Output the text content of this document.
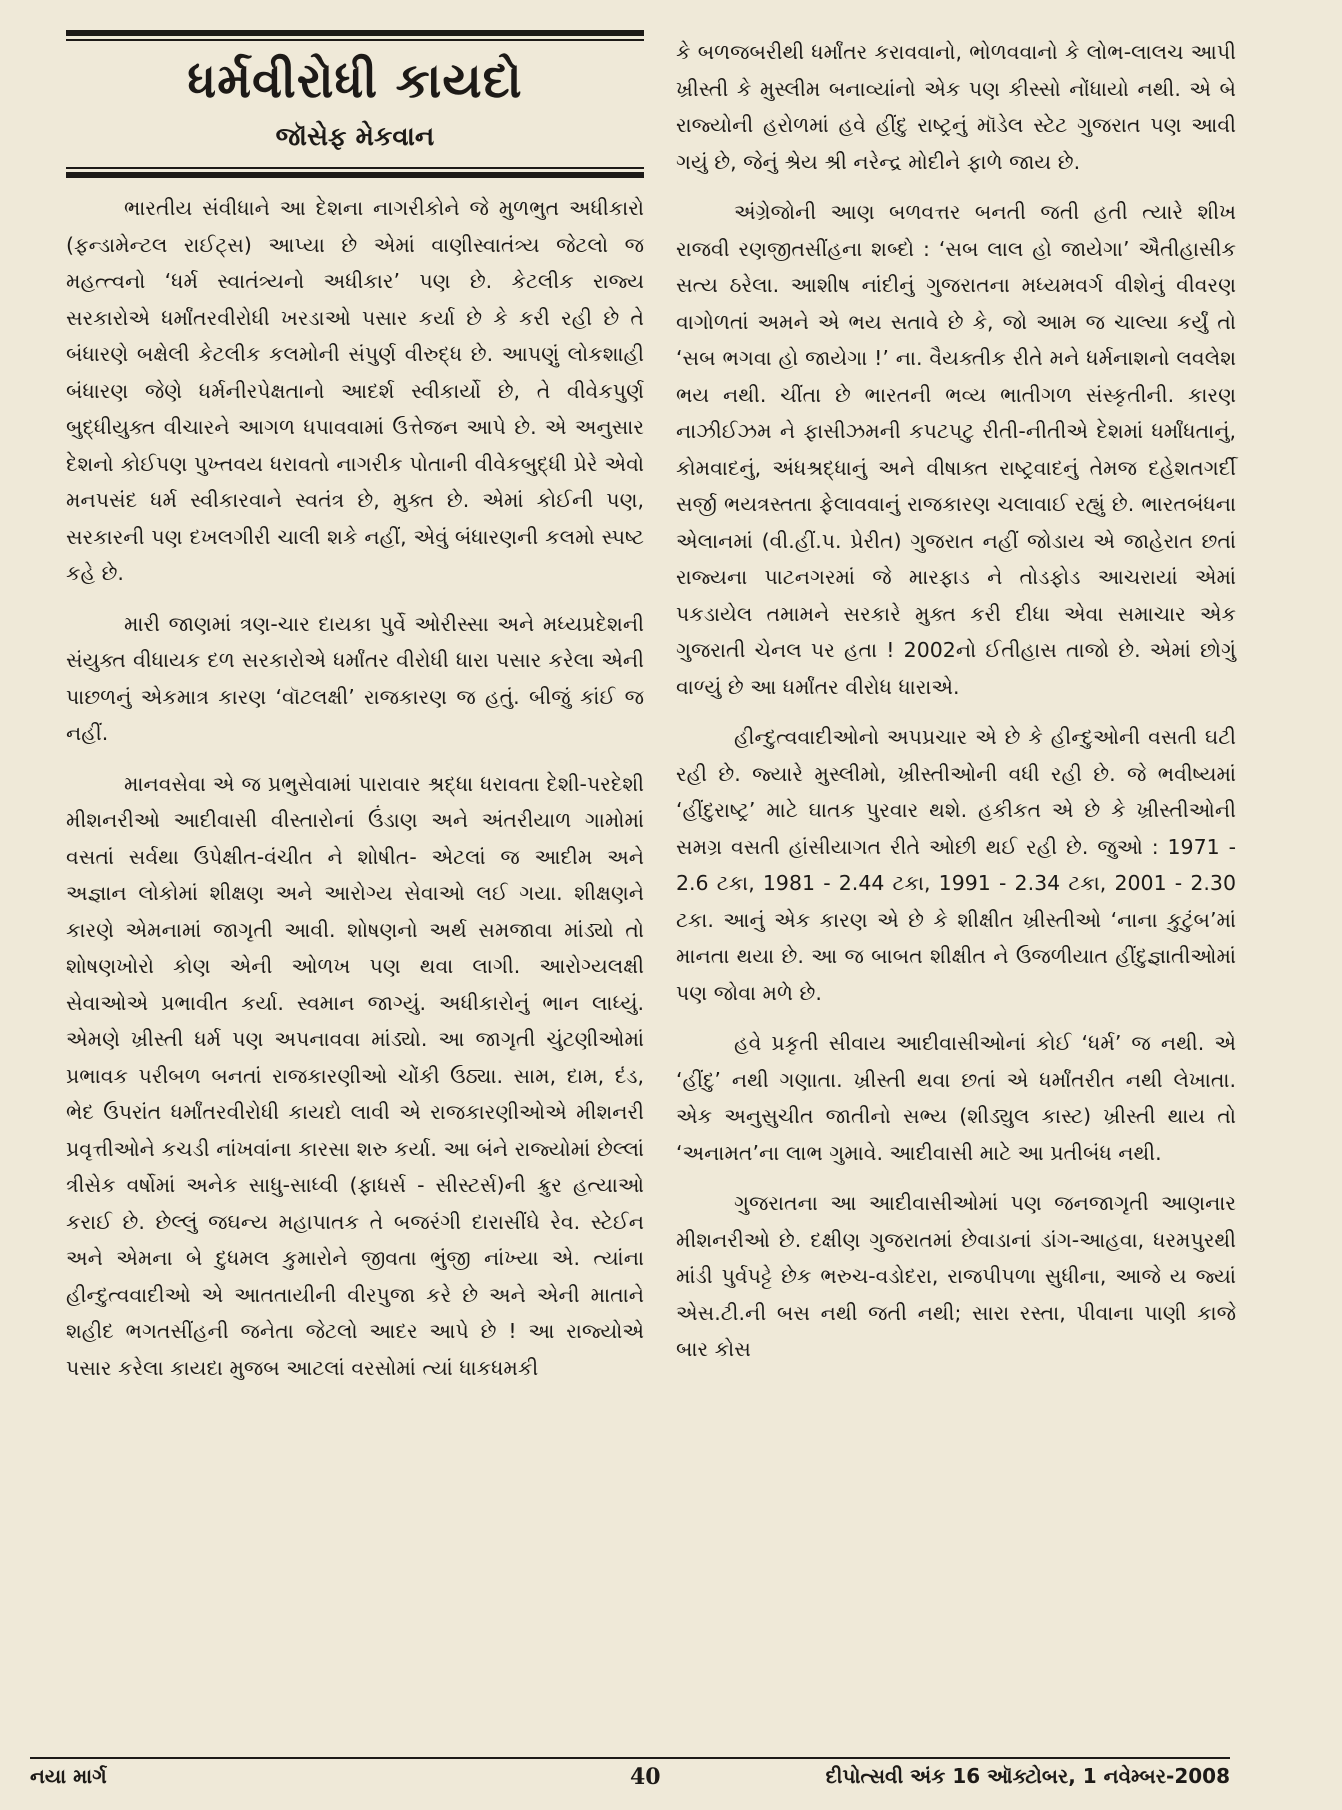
ધર્મવીરોધી કાયદો
જૉસેફ મેકવાન

ભારતીય સંવીધાને આ દેશના નાગરીકોને જે મુળભુત અધીકારો (ફન્ડામેન્ટલ રાઈટ્સ) આપ્યા છે એમાં વાણીસ્વાતંત્ર્ય જેટલો જ મહત્ત્વનો ‘ધર્મ સ્વાતંત્ર્યનો અધીકાર’ પણ છે. કેટલીક રાજ્ય સરકારોએ ધર્માંતરવીરોધી ખરડાઓ પસાર કર્યા છે કે કરી રહી છે તે બંધારણે બક્ષેલી કેટલીક કલમોની સંપુર્ણ વીરુદ્ધ છે. આપણું લોકશાહી બંધારણ જેણે ધર્મનીરપેક્ષતાનો આદર્શ સ્વીકાર્યો છે, તે વીવેકપુર્ણ બુદ્ધીયુક્ત વીચારને આગળ ધપાવવામાં ઉત્તેજન આપે છે. એ અનુસાર દેશનો કોઈપણ પુખ્તવય ધરાવતો નાગરીક પોતાની વીવેકબુદ્ધી પ્રેરે એવો મનપસંદ ધર્મ સ્વીકારવાને સ્વતંત્ર છે, મુક્ત છે. એમાં કોઈની પણ, સરકારની પણ દખલગીરી ચાલી શકે નહીં, એવું બંધારણની કલમો સ્પષ્ટ કહે છે.

મારી જાણમાં ત્રણ-ચાર દાયકા પુર્વે ઓરીસ્સા અને મધ્યપ્રદેશની સંયુક્ત વીધાયક દળ સરકારોએ ધર્માંતર વીરોધી ધારા પસાર કરેલા એની પાછળનું એકમાત્ર કારણ ‘વૉટલક્ષી’ રાજકારણ જ હતું. બીજું કાંઈ જ નહીં.

માનવસેવા એ જ પ્રભુસેવામાં પારાવાર શ્રદ્ધા ધરાવતા દેશી-પરદેશી મીશનરીઓ આદીવાસી વીસ્તારોનાં ઉંડાણ અને અંતરીયાળ ગામોમાં વસતાં સર્વથા ઉપેક્ષીત-વંચીત ને શોષીત- એટલાં જ આદીમ અને અજ્ઞાન લોકોમાં શીક્ષણ અને આરોગ્ય સેવાઓ લઈ ગયા. શીક્ષણને કારણે એમનામાં જાગૃતી આવી. શોષણનો અર્થ સમજાવા માંડ્યો તો શોષણખોરો કોણ એની ઓળખ પણ થવા લાગી. આરોગ્યલક્ષી સેવાઓએ પ્રભાવીત કર્યા. સ્વમાન જાગ્યું. અધીકારોનું ભાન લાધ્યું. એમણે ખ્રીસ્તી ધર્મ પણ અપનાવવા માંડ્યો. આ જાગૃતી ચુંટણીઓમાં પ્રભાવક પરીબળ બનતાં રાજકારણીઓ ચોંકી ઉઠ્યા. સામ, દામ, દંડ, ભેદ ઉપરાંત ધર્માંતરવીરોધી કાયદો લાવી એ રાજકારણીઓએ મીશનરી પ્રવૃત્તીઓને કચડી નાંખવાંના કારસા શરુ કર્યા. આ બંને રાજ્યોમાં છેલ્લાં ત્રીસેક વર્ષોમાં અનેક સાધુ-સાધ્વી (ફાધર્સ - સીસ્ટર્સ)ની ક્રુર હત્યાઓ કરાઈ છે. છેલ્લું જઘન્ય મહાપાતક તે બજરંગી દારાસીંઘે રેવ. સ્ટેઈન અને એમના બે દુધમલ કુમારોને જીવતા ભુંજી નાંખ્યા એ. ત્યાંના હીન્દુત્વવાદીઓ એ આતતાયીની વીરપુજા કરે છે અને એની માતાને શહીદ ભગતસીંહની જનેતા જેટલો આદર આપે છે ! આ રાજ્યોએ પસાર કરેલા કાયદા મુજબ આટલાં વરસોમાં ત્યાં ધાકધમકી

કે બળજબરીથી ધર્માંતર કરાવવાનો, ભોળવવાનો કે લોભ-લાલચ આપી ખ્રીસ્તી કે મુસ્લીમ બનાવ્યાંનો એક પણ કીસ્સો નોંધાયો નથી. એ બે રાજ્યોની હરોળમાં હવે હીંદુ રાષ્ટ્રનું મૉડેલ સ્ટેટ ગુજરાત પણ આવી ગયું છે, જેનું શ્રેય શ્રી નરેન્દ્ર મોદીને ફાળે જાય છે.

અંગ્રેજોની આણ બળવત્તર બનતી જતી હતી ત્યારે શીખ રાજવી રણજીતસીંહના શબ્દો : ‘સબ લાલ હો જાયેગા’ ઐતીહાસીક સત્ય ઠરેલા. આશીષ નાંદીનું ગુજરાતના મધ્યમવર્ગ વીશેનું વીવરણ વાગોળતાં અમને એ ભય સતાવે છે કે, જો આમ જ ચાલ્યા કર્યું તો ‘સબ ભગવા હો જાયેગા !’ ના. વૈયક્તીક રીતે મને ધર્મનાશનો લવલેશ ભય નથી. ચીંતા છે ભારતની ભવ્ય ભાતીગળ સંસ્કૃતીની. કારણ નાઝીઈઝમ ને ફાસીઝમની કપટપટુ રીતી-નીતીએ દેશમાં ધર્માંધતાનું, કોમવાદનું, અંધશ્રદ્ધાનું અને વીષાક્ત રાષ્ટ્રવાદનું તેમજ દહેશતગર્દી સર્જી ભયત્રસ્તતા ફેલાવવાનું રાજકારણ ચલાવાઈ રહ્યું છે. ભારતબંધના એલાનમાં (વી.હીં.પ. પ્રેરીત) ગુજરાત નહીં જોડાય એ જાહેરાત છતાં રાજ્યના પાટનગરમાં જે મારફાડ ને તોડફોડ આચરાયાં એમાં પકડાયેલ તમામને સરકારે મુક્ત કરી દીધા એવા સમાચાર એક ગુજરાતી ચેનલ પર હતા ! 2002નો ઈતીહાસ તાજો છે. એમાં છોગું વાળ્યું છે આ ધર્માંતર વીરોધ ધારાએ.

હીન્દુત્વવાદીઓનો અપપ્રચાર એ છે કે હીન્દુઓની વસતી ઘટી રહી છે. જ્યારે મુસ્લીમો, ખ્રીસ્તીઓની વધી રહી છે. જે ભવીષ્યમાં ‘હીંદુરાષ્ટ્ર’ માટે ઘાતક પુરવાર થશે. હકીકત એ છે કે ખ્રીસ્તીઓની સમગ્ર વસતી હાંસીયાગત રીતે ઓછી થઈ રહી છે. જુઓ : 1971 - 2.6 ટકા, 1981 - 2.44 ટકા, 1991 - 2.34 ટકા, 2001 - 2.30 ટકા. આનું એક કારણ એ છે કે શીક્ષીત ખ્રીસ્તીઓ ‘નાના કુટુંબ’માં માનતા થયા છે. આ જ બાબત શીક્ષીત ને ઉજળીયાત હીંદુજ્ઞાતીઓમાં પણ જોવા મળે છે.

હવે પ્રકૃતી સીવાય આદીવાસીઓનાં કોઈ ‘ધર્મ’ જ નથી. એ ‘હીંદુ’ નથી ગણાતા. ખ્રીસ્તી થવા છતાં એ ધર્માંતરીત નથી લેખાતા. એક અનુસુચીત જાતીનો સભ્ય (શીડ્યુલ કાસ્ટ) ખ્રીસ્તી થાય તો ‘અનામત’ના લાભ ગુમાવે. આદીવાસી માટે આ પ્રતીબંધ નથી.

ગુજરાતના આ આદીવાસીઓમાં પણ જનજાગૃતી આણનાર મીશનરીઓ છે. દક્ષીણ ગુજરાતમાં છેવાડાનાં ડાંગ-આહવા, ધરમપુરથી માંડી પુર્વપટ્ટે છેક ભરુચ-વડોદરા, રાજપીપળા સુધીના, આજે ય જ્યાં એસ.ટી.ની બસ નથી જતી નથી; સારા રસ્તા, પીવાના પાણી કાજે બાર કોસ

નયા માર્ગ	40	દીપોત્સવી અંક 16 ઑક્ટોબર, 1 નવેમ્બર-2008
